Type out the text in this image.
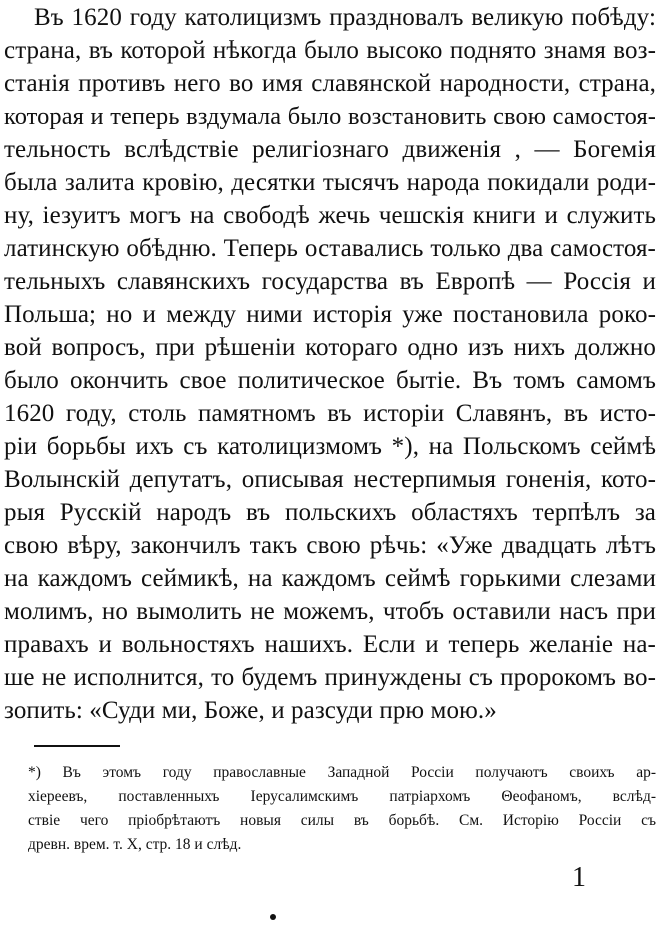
Въ 1620 году католицизмъ праздновалъ великую побѣду:
страна, въ которой нѣкогда было высоко поднято знамя воз-
станія противъ него во имя славянской народности, страна,
которая и теперь вздумала было возстановить свою самостоя-
тельность вслѣдствіе религіознаго движенія , — Богемія
была залита кровію, десятки тысячъ народа покидали роди-
ну, іезуитъ могъ на свободѣ жечь чешскія книги и служить
латинскую обѣдню. Теперь оставались только два самостоя-
тельныхъ славянскихъ государства въ Европѣ — Россія и
Польша; но и между ними исторія уже постановила роко-
вой вопросъ, при рѣшеніи котораго одно изъ нихъ должно
было окончить свое политическое бытіе. Въ томъ самомъ
1620 году, столь памятномъ въ исторіи Славянъ, въ исто-
ріи борьбы ихъ съ католицизмомъ *), на Польскомъ сеймѣ
Волынскій депутатъ, описывая нестерпимыя гоненія, кото-
рыя Русскій народъ въ польскихъ областяхъ терпѣлъ за
свою вѣру, закончилъ такъ свою рѣчь: «Уже двадцать лѣтъ
на каждомъ сеймикѣ, на каждомъ сеймѣ горькими слезами
молимъ, но вымолить не можемъ, чтобъ оставили насъ при
правахъ и вольностяхъ нашихъ. Если и теперь желаніе на-
ше не исполнится, то будемъ принуждены съ пророкомъ во-
зопить: «Суди ми, Боже, и разсуди прю мою.»
*) Въ этомъ году православные Западной Россіи получаютъ своихъ ар-
хіереевъ, поставленныхъ Іерусалимскимъ патріархомъ Θеофаномъ, вслѣд-
ствіе чего пріобрѣтаютъ новыя силы въ борьбѣ. См. Исторію Россіи съ
древн. врем. т. X, стр. 18 и слѣд.
1
